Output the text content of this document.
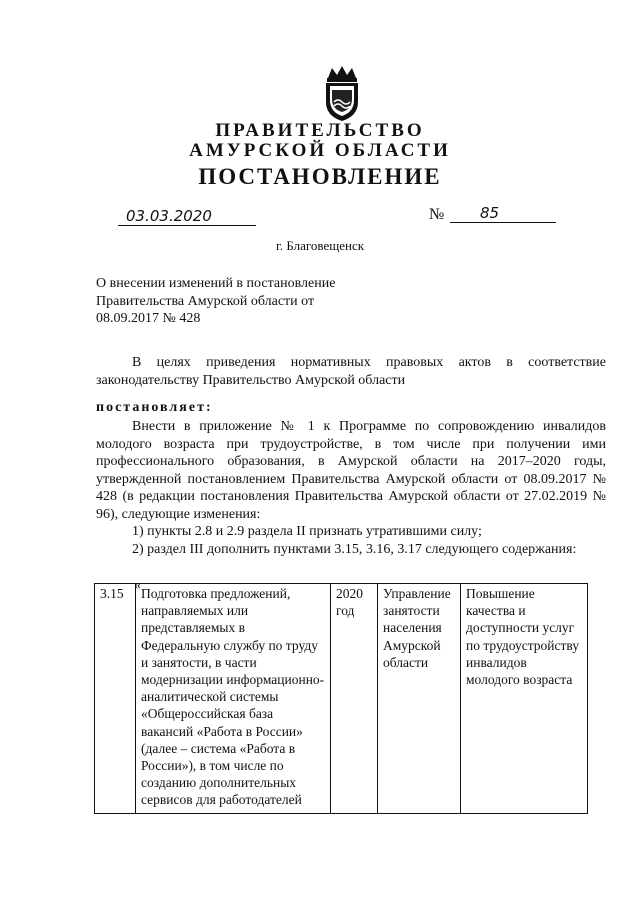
ПРАВИТЕЛЬСТВО
АМУРСКОЙ ОБЛАСТИ
ПОСТАНОВЛЕНИЕ
03.03.2020	№	85
г. Благовещенск
О внесении изменений в постановление Правительства Амурской области от 08.09.2017 № 428
В целях приведения нормативных правовых актов в соответствие законодательству Правительство Амурской области
постановляет:
Внести в приложение № 1 к Программе по сопровождению инвалидов молодого возраста при трудоустройстве, в том числе при получении ими профессионального образования, в Амурской области на 2017–2020 годы, утвержденной постановлением Правительства Амурской области от 08.09.2017 № 428 (в редакции постановления Правительства Амурской области от 27.02.2019 № 96), следующие изменения:
1) пункты 2.8 и 2.9 раздела II признать утратившими силу;
2) раздел III дополнить пунктами 3.15, 3.16, 3.17 следующего содержания:
«
3.15	Подготовка предложений, направляемых или представляемых в Федеральную службу по труду и занятости, в части модернизации информационно-аналитической системы «Общероссийская база вакансий «Работа в России» (далее – система «Работа в России»), в том числе по созданию дополнительных сервисов для работодателей	2020 год	Управление занятости населения Амурской области	Повышение качества и доступности услуг по трудоустройству инвалидов молодого возраста
